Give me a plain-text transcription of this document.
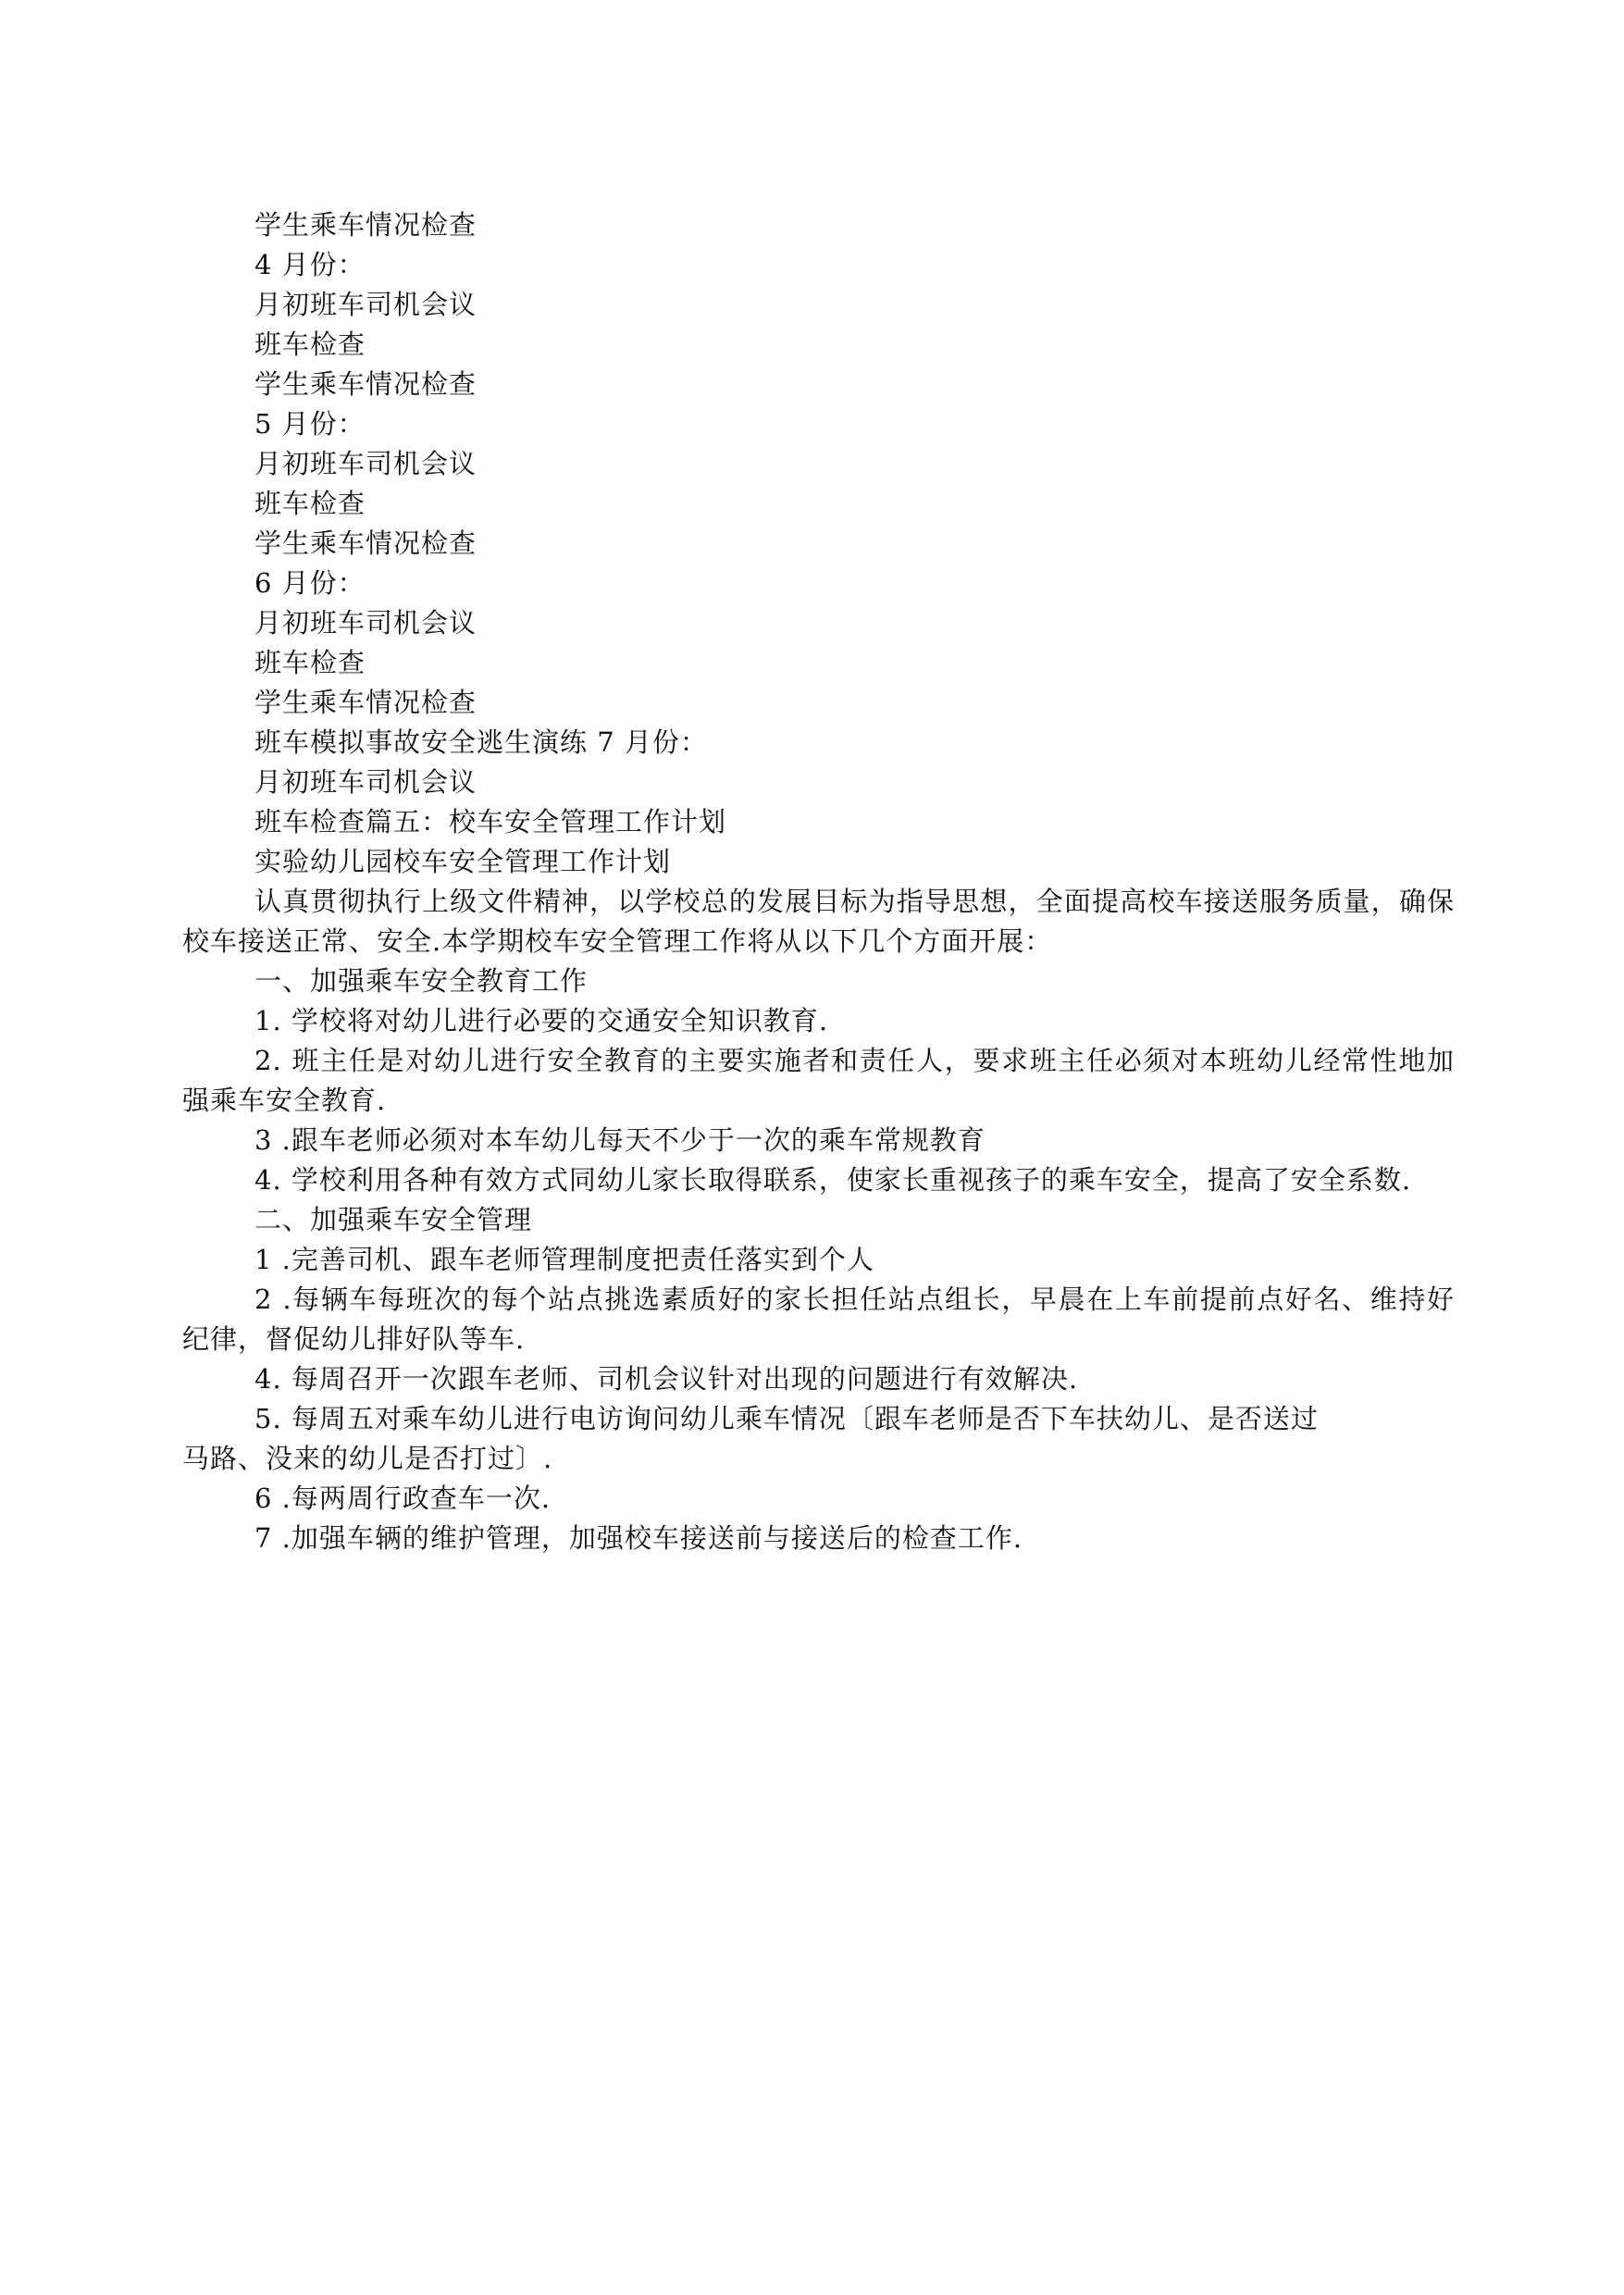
学生乘车情况检查
4 月份：
月初班车司机会议
班车检查
学生乘车情况检查
5 月份：
月初班车司机会议
班车检查
学生乘车情况检查
6 月份：
月初班车司机会议
班车检查
学生乘车情况检查
班车模拟事故安全逃生演练 7 月份：
月初班车司机会议
班车检查篇五：校车安全管理工作计划
实验幼儿园校车安全管理工作计划
认真贯彻执行上级文件精神，以学校总的发展目标为指导思想，全面提高校车接送服务质量，确保校车接送正常、安全.本学期校车安全管理工作将从以下几个方面开展：
一、加强乘车安全教育工作
1. 学校将对幼儿进行必要的交通安全知识教育.
2. 班主任是对幼儿进行安全教育的主要实施者和责任人，要求班主任必须对本班幼儿经常性地加强乘车安全教育.
3 .跟车老师必须对本车幼儿每天不少于一次的乘车常规教育
4. 学校利用各种有效方式同幼儿家长取得联系，使家长重视孩子的乘车安全，提高了安全系数.
二、加强乘车安全管理
1 .完善司机、跟车老师管理制度把责任落实到个人
2 .每辆车每班次的每个站点挑选素质好的家长担任站点组长，早晨在上车前提前点好名、维持好纪律，督促幼儿排好队等车.
4. 每周召开一次跟车老师、司机会议针对出现的问题进行有效解决.
5. 每周五对乘车幼儿进行电访询问幼儿乘车情况〔跟车老师是否下车扶幼儿、是否送过
马路、没来的幼儿是否打过〕.
6 .每两周行政查车一次.
7 .加强车辆的维护管理，加强校车接送前与接送后的检查工作.
